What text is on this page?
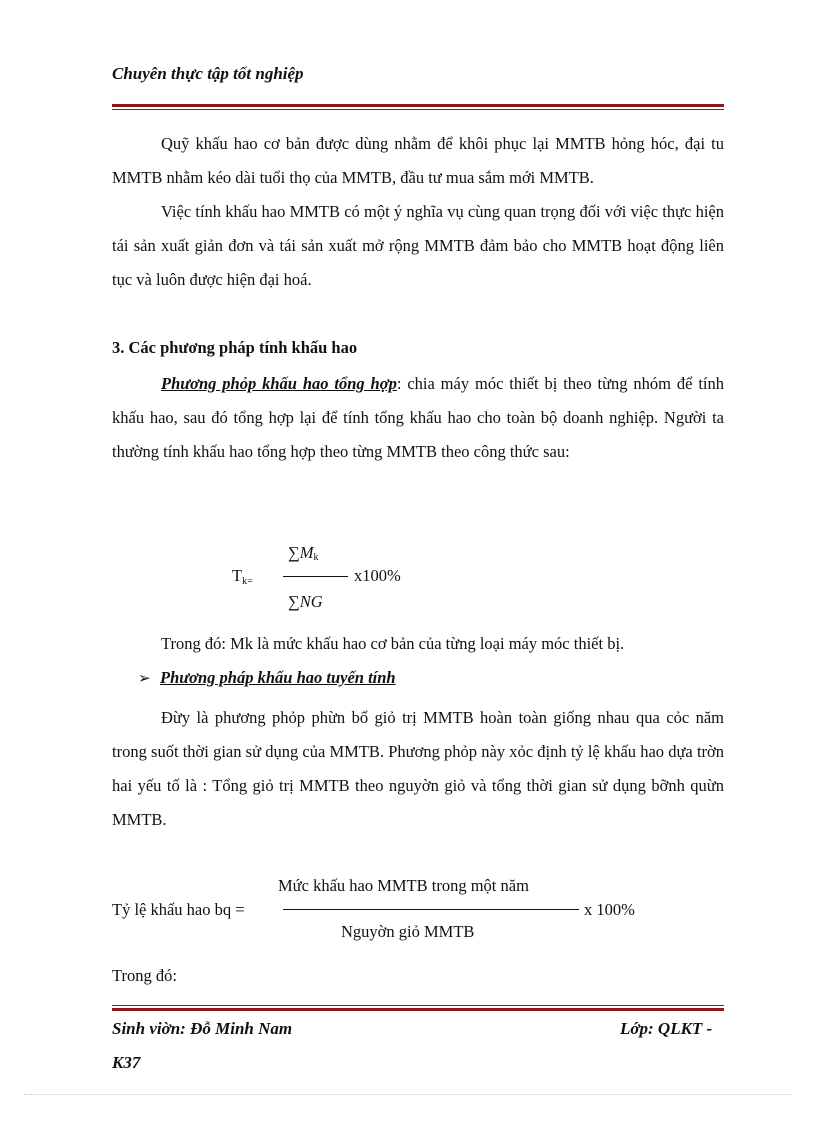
Chuyên thực tập tốt nghiệp
Quỹ khấu hao cơ bản được dùng nhằm để khôi phục lại MMTB hỏng hóc, đại tu MMTB nhằm kéo dài tuổi thọ của MMTB, đầu tư mua sắm mới MMTB.
Việc tính khấu hao MMTB có một ý nghĩa vụ cùng quan trọng đối với việc thực hiện tái sản xuất giản đơn và tái sản xuất mở rộng MMTB đảm bảo cho MMTB hoạt động liên tục và luôn được hiện đại hoá.
3. Các phương pháp tính khấu hao
Phương phỏp khấu hao tổng hợp: chia máy móc thiết bị theo từng nhóm để tính khấu hao, sau đó tổng hợp lại để tính tổng khấu hao cho toàn bộ doanh nghiệp. Người ta thường tính khấu hao tổng hợp theo từng MMTB theo công thức sau:
$T_{k=}$
$\sum M_k$
∑NG
x100%
Trong đó: Mk là mức khấu hao cơ bản của từng loại máy móc thiết bị.
➢ Phương pháp khấu hao tuyến tính
Đừy là phương phỏp phừn bổ giỏ trị MMTB hoàn toàn giống nhau qua cỏc năm trong suốt thời gian sử dụng của MMTB. Phương phỏp này xỏc định tỷ lệ khấu hao dựa trờn hai yếu tố là : Tổng giỏ trị MMTB theo nguyờn giỏ và tổng thời gian sử dụng bỡnh quừn MMTB.
Tỷ lệ khấu hao bq =
Mức khấu hao MMTB trong một năm
x 100%
Nguyờn giỏ MMTB
Trong đó:
Sinh viờn: Đỗ Minh Nam	Lớp: QLKT -
K37
